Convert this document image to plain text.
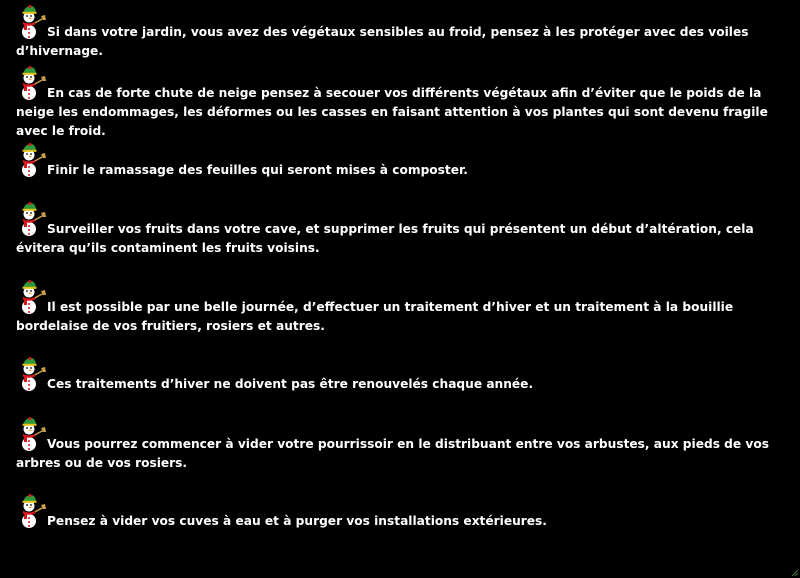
Si dans votre jardin, vous avez des végétaux sensibles au froid, pensez à les protéger avec des voiles d’hivernage.

En cas de forte chute de neige pensez à secouer vos différents végétaux afin d’éviter que le poids de la neige les endommages, les déformes ou les casses en faisant attention à vos plantes qui sont devenu fragile avec le froid.

Finir le ramassage des feuilles qui seront mises à composter.

Surveiller vos fruits dans votre cave, et supprimer les fruits qui présentent un début d’altération, cela évitera qu’ils contaminent les fruits voisins.

Il est possible par une belle journée, d’effectuer un traitement d’hiver et un traitement à la bouillie bordelaise de vos fruitiers, rosiers et autres.

Ces traitements d’hiver ne doivent pas être renouvelés chaque année.

Vous pourrez commencer à vider votre pourrissoir en le distribuant entre vos arbustes, aux pieds de vos arbres ou de vos rosiers.

Pensez à vider vos cuves à eau et à purger vos installations extérieures.
